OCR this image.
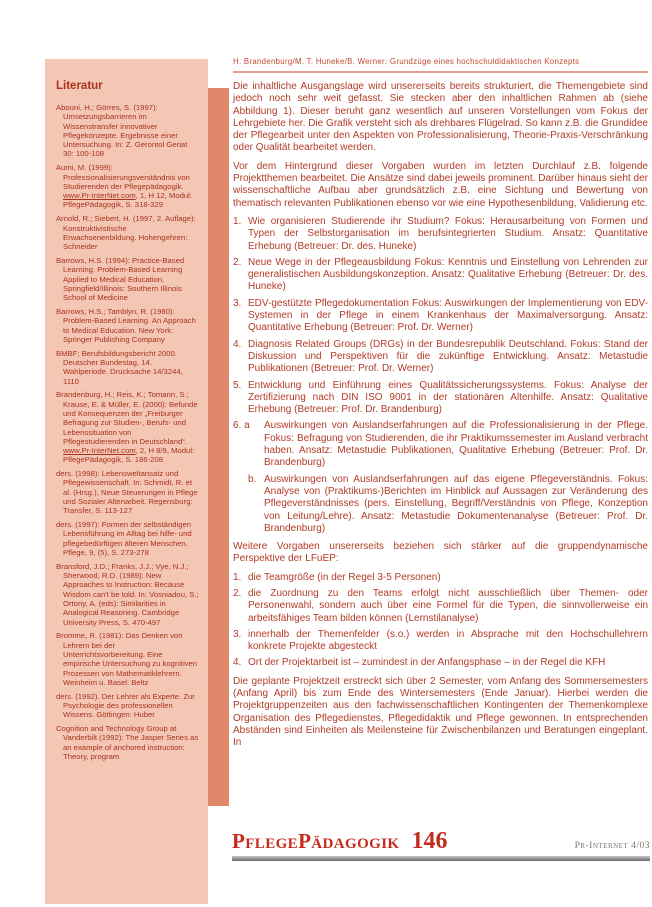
H. Brandenburg/M. T. Huneke/B. Werner: Grundzüge eines hochschuldidaktischen Konzepts
Literatur
Abouni, H.; Görres, S. (1997): Umsetzungsbarrieren im Wissenstransfer innovativer Pflegekonzepte. Ergebnisse einer Untersuchung. In: Z. Gerontol Geriat 30: 100-108
Aumi, M. (1999): Professionalisierungsverständnis von Studierenden der Pflegepädagogik. www.Pr-InterNet.com, 1, H 12, Modul: PflegePädagogik, S. 318-329
Arnold, R.; Siebert, H. (1997, 2. Auflage): Konstruktivistische Erwachsenenbildung. Hohengehren: Schneider
Barrows, H.S. (1994): Practice-Based Learning. Problem-Based Learning Applied to Medical Education. Springfield/Illinois: Southern Illinois School of Medicine
Barrows, H.S.; Tamblyn, R. (1980): Problem-Based Learning. An Approach to Medical Education. New York: Springer Publishing Company
BMBF; Berufsbildungsbericht 2000. Deutscher Bundestag, 14. Wahlperiode. Drucksache 14/3244, 1110
Brandenburg, H.; Reis, K.; Tomann, S.; Krause, E. & Müller, E. (2000): Befunde und Konsequenzen der „Freiburger Befragung zur Studien-, Berufs- und Lebenssituation von Pflegestudierenden in Deutschland“. www.Pr-InterNet.com, 2, H 8/9, Modul: PflegePädagogik, S. 186-208
ders. (1998): Lebensweltansatz und Pflegewissenschaft. In: Schmidt, R. et al. (Hrsg.), Neue Steuerungen in Pflege und Sozialer Altenarbeit. Regensburg: Transfer, S. 113-127
ders. (1997): Formen der selbständigen Lebensführung im Alltag bei hilfe- und pflegebedürftigen älteren Menschen. Pflege, 9, (5), S. 273-278
Bransford, J.D.; Franks, J.J.; Vye, N.J.; Sherwood, R.D. (1989): New Approaches to Instruction: Because Wisdom can't be told. In: Vosniadou, S.; Ortony, A. (eds): Similarities in Analogical Reasoning. Cambridge University Press, S. 470-497
Bromme, R. (1981): Das Denken von Lehrern bei der Unterrichtsvorbereitung. Eine empirische Untersuchung zu kognitiven Prozessen von Mathematiklehrern. Weinheim u. Basel: Beltz
ders. (1992). Der Lehrer als Experte. Zur Psychologie des professionellen Wissens. Göttingen: Huber
Cognition and Technology Group at Vanderbilt (1992): The Jasper Series as an example of anchored instruction: Theory, program

Die inhaltliche Ausgangslage wird unsererseits bereits strukturiert, die Themengebiete sind jedoch noch sehr weit gefasst. Sie stecken aber den inhaltlichen Rahmen ab (siehe Abbildung 1). Dieser beruht ganz wesentlich auf unseren Vorstellungen vom Fokus der Lehrgebiete her. Die Grafik versteht sich als drehbares Flügelrad. So kann z.B. die Grundidee der Pflegearbeit unter den Aspekten von Professionalisierung, Theorie-Praxis-Verschränkung oder Qualität bearbeitet werden.

Vor dem Hintergrund dieser Vorgaben wurden im letzten Durchlauf z.B. folgende Projektthemen bearbeitet. Die Ansätze sind dabei jeweils prominent. Darüber hinaus sieht der wissenschaftliche Aufbau aber grundsätzlich z.B. eine Sichtung und Bewertung von thematisch relevanten Publikationen ebenso vor wie eine Hypothesenbildung, Validierung etc.

1. Wie organisieren Studierende ihr Studium? Fokus: Herausarbeitung von Formen und Typen der Selbstorganisation im berufsintegrierten Studium. Ansatz: Quantitative Erhebung (Betreuer: Dr. des. Huneke)
2. Neue Wege in der Pflegeausbildung Fokus: Kenntnis und Einstellung von Lehrenden zur generalistischen Ausbildungskonzeption. Ansatz: Qualitative Erhebung (Betreuer: Dr. des. Huneke)
3. EDV-gestützte Pflegedokumentation Fokus: Auswirkungen der Implementierung von EDV-Systemen in der Pflege in einem Krankenhaus der Maximalversorgung. Ansatz: Quantitative Erhebung (Betreuer: Prof. Dr. Werner)
4. Diagnosis Related Groups (DRGs) in der Bundesrepublik Deutschland. Fokus: Stand der Diskussion und Perspektiven für die zukünftige Entwicklung. Ansatz: Metastudie Publikationen (Betreuer: Prof. Dr. Werner)
5. Entwicklung und Einführung eines Qualitätssicherungssystems. Fokus: Analyse der Zertifizierung nach DIN ISO 9001 in der stationären Altenhilfe. Ansatz: Qualitative Erhebung (Betreuer: Prof. Dr. Brandenburg)
6. a	Auswirkungen von Auslandserfahrungen auf die Professionalisierung in der Pflege. Fokus: Befragung von Studierenden, die ihr Praktikumssemester im Ausland verbracht haben. Ansatz: Metastudie Publikationen, Qualitative Erhebung (Betreuer: Prof. Dr. Brandenburg)
b. Auswirkungen von Auslandserfahrungen auf das eigene Pflegeverständnis. Fokus: Analyse von (Praktikums-)Berichten im Hinblick auf Aussagen zur Veränderung des Pflegeverständnisses (pers. Einstellung, Begriff/Verständnis von Pflege, Konzeption von Leitung/Lehre). Ansatz: Metastudie Dokumentenanalyse (Betreuer: Prof. Dr. Brandenburg)

Weitere Vorgaben unsererseits beziehen sich stärker auf die gruppendynamische Perspektive der LFuEP:

1. die Teamgröße (in der Regel 3-5 Personen)
2. die Zuordnung zu den Teams erfolgt nicht ausschließlich über Themen- oder Personenwahl, sondern auch über eine Formel für die Typen, die sinnvollerweise ein arbeitsfähiges Team bilden können (Lernstilanalyse)
3. innerhalb der Themenfelder (s.o.) werden in Absprache mit den Hochschullehrern konkrete Projekte abgesteckt
4. Ort der Projektarbeit ist – zumindest in der Anfangsphase – in der Regel die KFH

Die geplante Projektzeit erstreckt sich über 2 Semester, vom Anfang des Sommersemesters (Anfang April) bis zum Ende des Wintersemesters (Ende Januar). Hierbei werden die Projektgruppenzeiten aus den fachwissenschaftlichen Kontingenten der Themenkomplexe Organisation des Pflegedienstes, Pflegedidaktik und Pflege gewonnen. In entsprechenden Abständen sind Einheiten als Meilensteine für Zwischenbilanzen und Beratungen eingeplant. In

PflegePädagogik 146	Pr-Internet 4/03
